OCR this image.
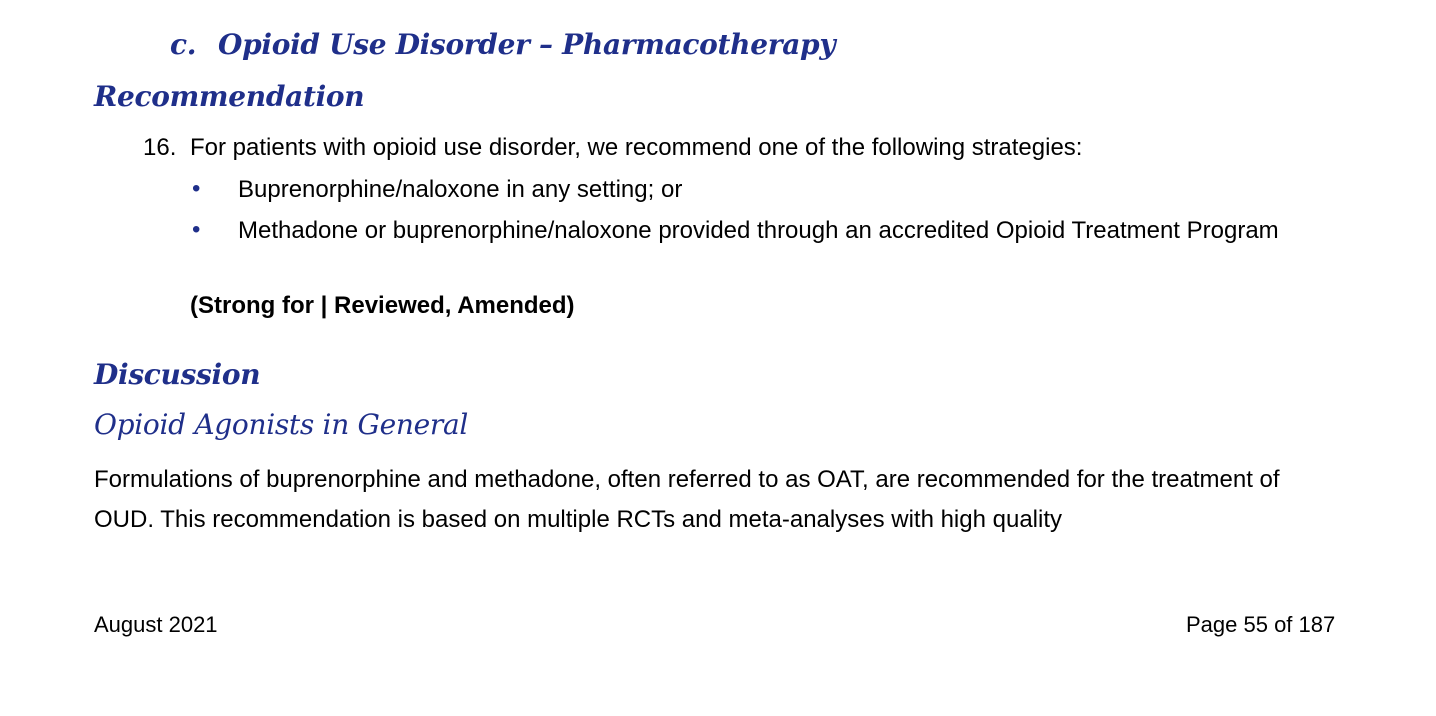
c. Opioid Use Disorder – Pharmacotherapy
Recommendation
16. For patients with opioid use disorder, we recommend one of the following strategies:
•	Buprenorphine/naloxone in any setting; or
•	Methadone or buprenorphine/naloxone provided through an accredited Opioid Treatment Program
(Strong for | Reviewed, Amended)
Discussion
Opioid Agonists in General
Formulations of buprenorphine and methadone, often referred to as OAT, are recommended for the treatment of OUD. This recommendation is based on multiple RCTs and meta-analyses with high quality
August 2021	Page 55 of 187
